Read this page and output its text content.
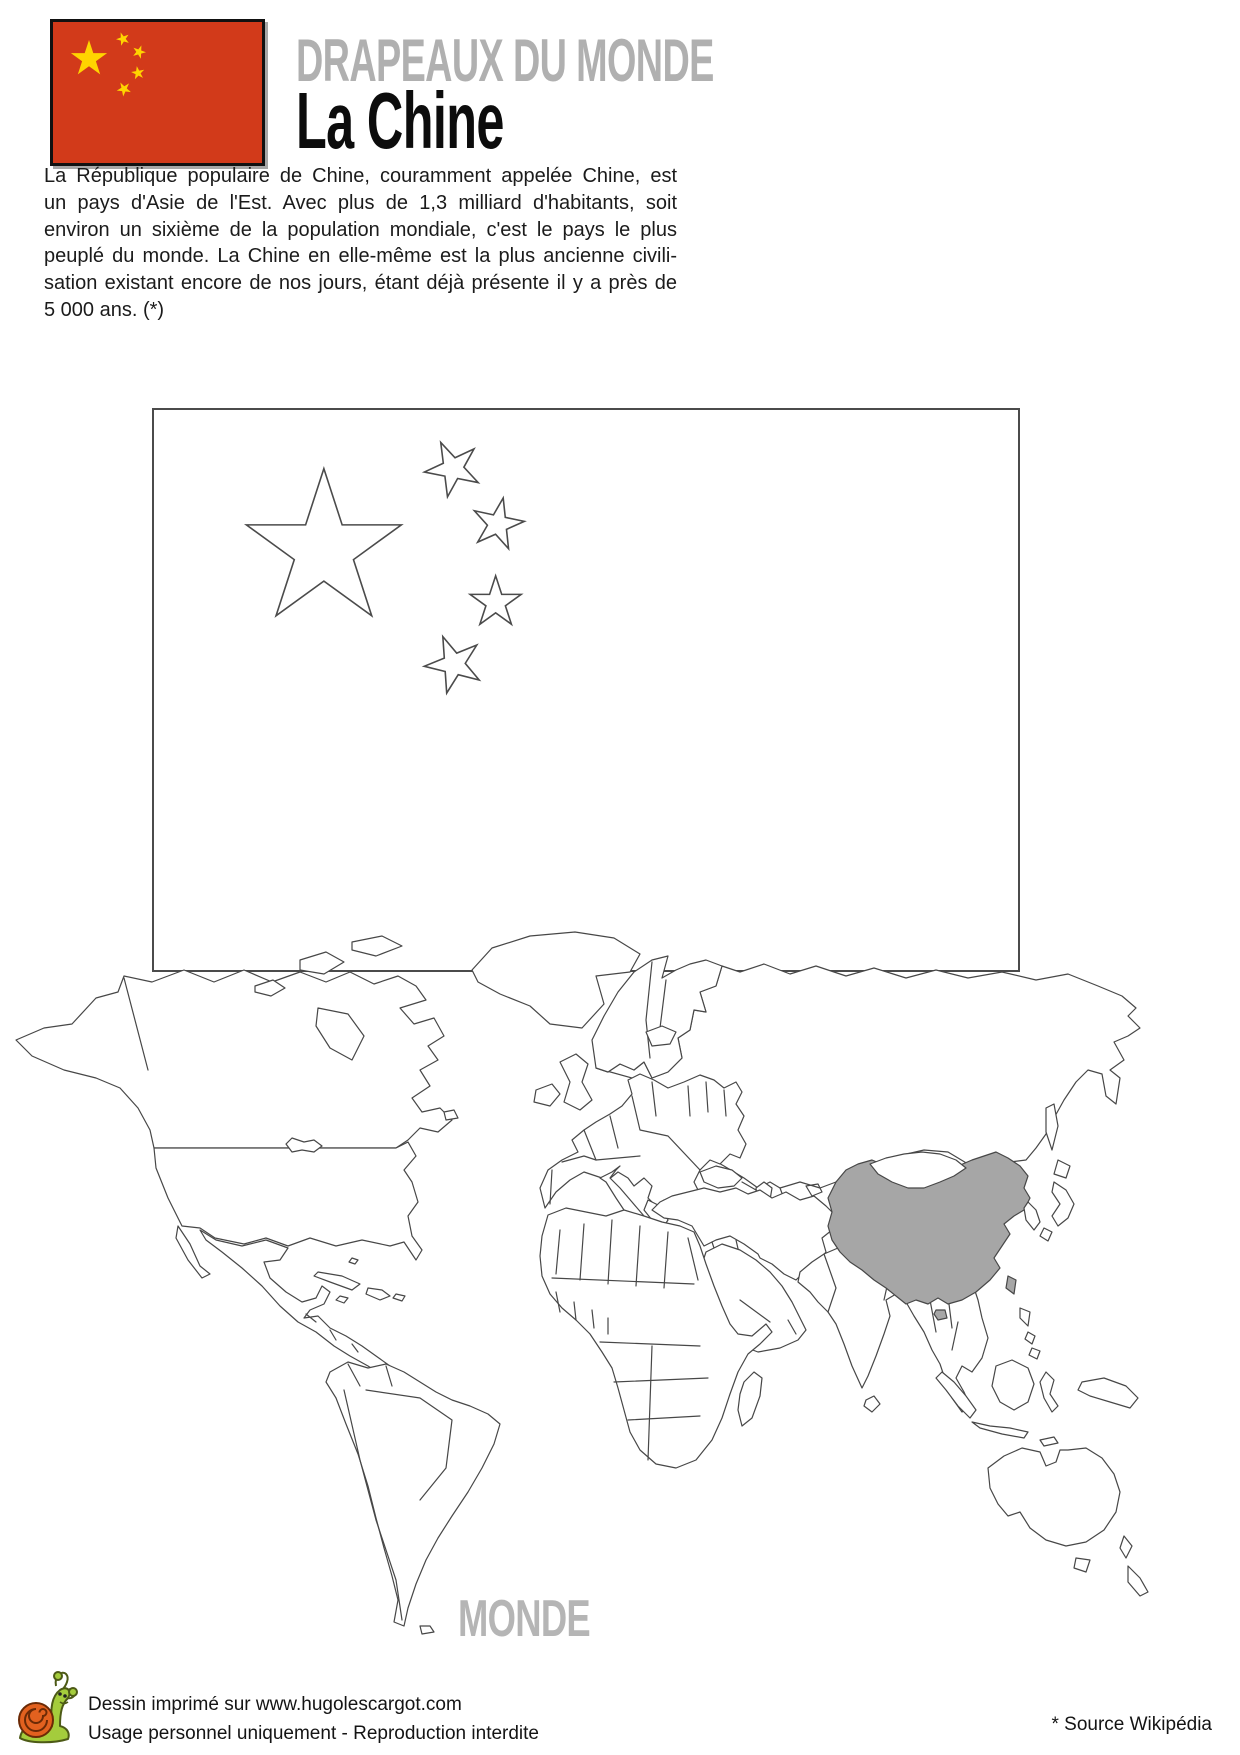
DRAPEAUX DU MONDE
La Chine
La République populaire de Chine, couramment appelée Chine, est
un pays d'Asie de l'Est. Avec plus de 1,3 milliard d'habitants, soit
environ un sixième de la population mondiale, c'est le pays le plus
peuplé du monde. La Chine en elle-même est la plus ancienne civili-
sation existant encore de nos jours, étant déjà présente il y a près de
5 000 ans. (*)
MONDE
Dessin imprimé sur www.hugolescargot.com
Usage personnel uniquement - Reproduction interdite	* Source Wikipédia
